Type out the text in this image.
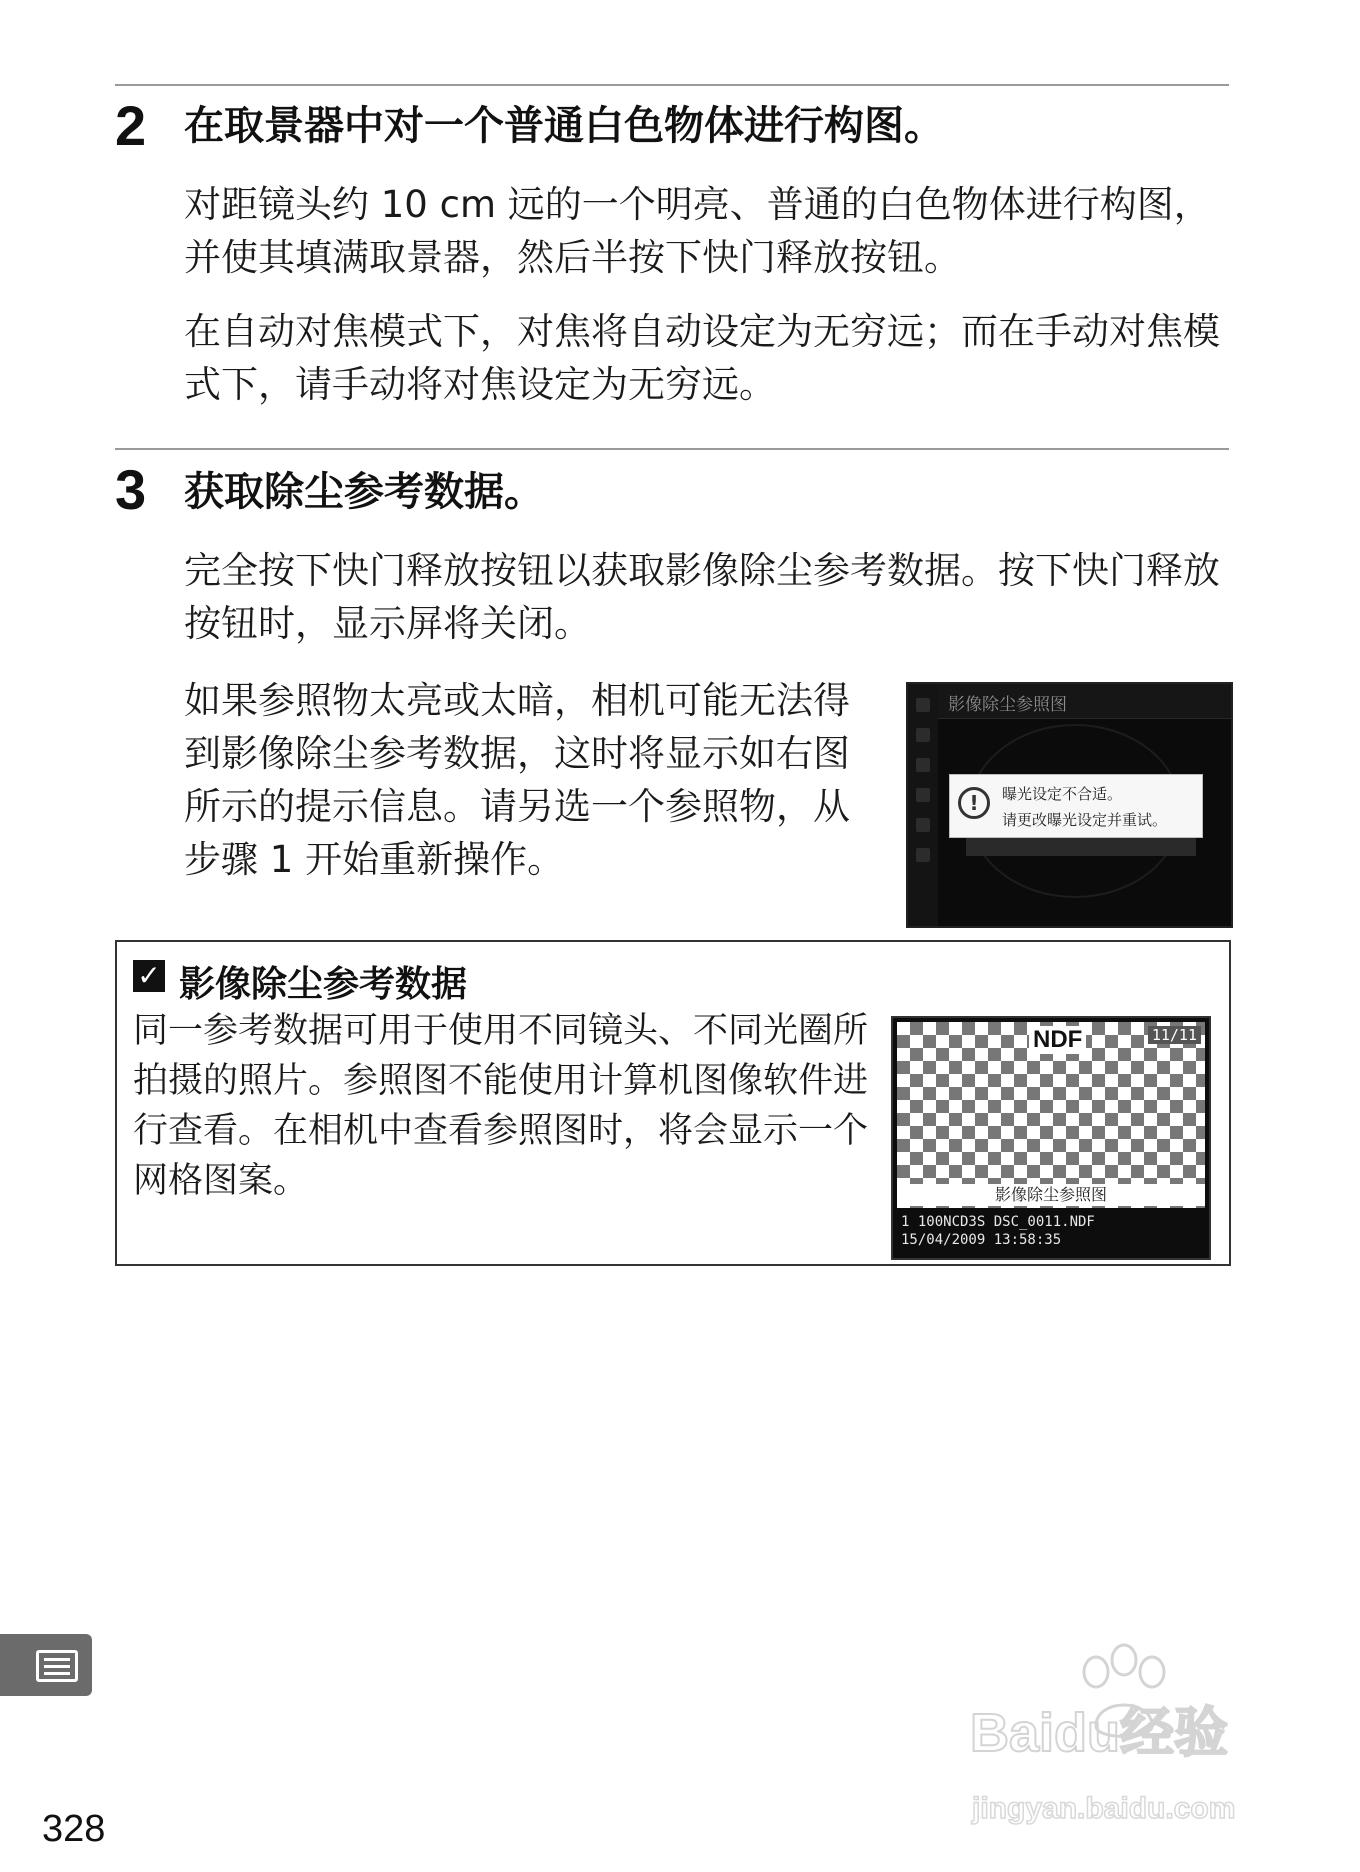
2 在取景器中对一个普通白色物体进行构图。

对距镜头约 10 cm 远的一个明亮、普通的白色物体进行构图，并使其填满取景器，然后半按下快门释放按钮。

在自动对焦模式下，对焦将自动设定为无穷远；而在手动对焦模式下，请手动将对焦设定为无穷远。

3 获取除尘参考数据。

完全按下快门释放按钮以获取影像除尘参考数据。按下快门释放按钮时，显示屏将关闭。

如果参照物太亮或太暗，相机可能无法得到影像除尘参考数据，这时将显示如右图所示的提示信息。请另选一个参照物，从步骤 1 开始重新操作。

影像除尘参照图
!	曝光设定不合适。
请更改曝光设定并重试。
✓ 影像除尘参考数据

同一参考数据可用于使用不同镜头、不同光圈所拍摄的照片。参照图不能使用计算机图像软件进行查看。在相机中查看参照图时，将会显示一个网格图案。

NDF	11/11
影像除尘参照图
1 100NCD3S DSC_0011.NDF
15/04/2009 13:58:35
328
Baidu经验
jingyan.baidu.com
